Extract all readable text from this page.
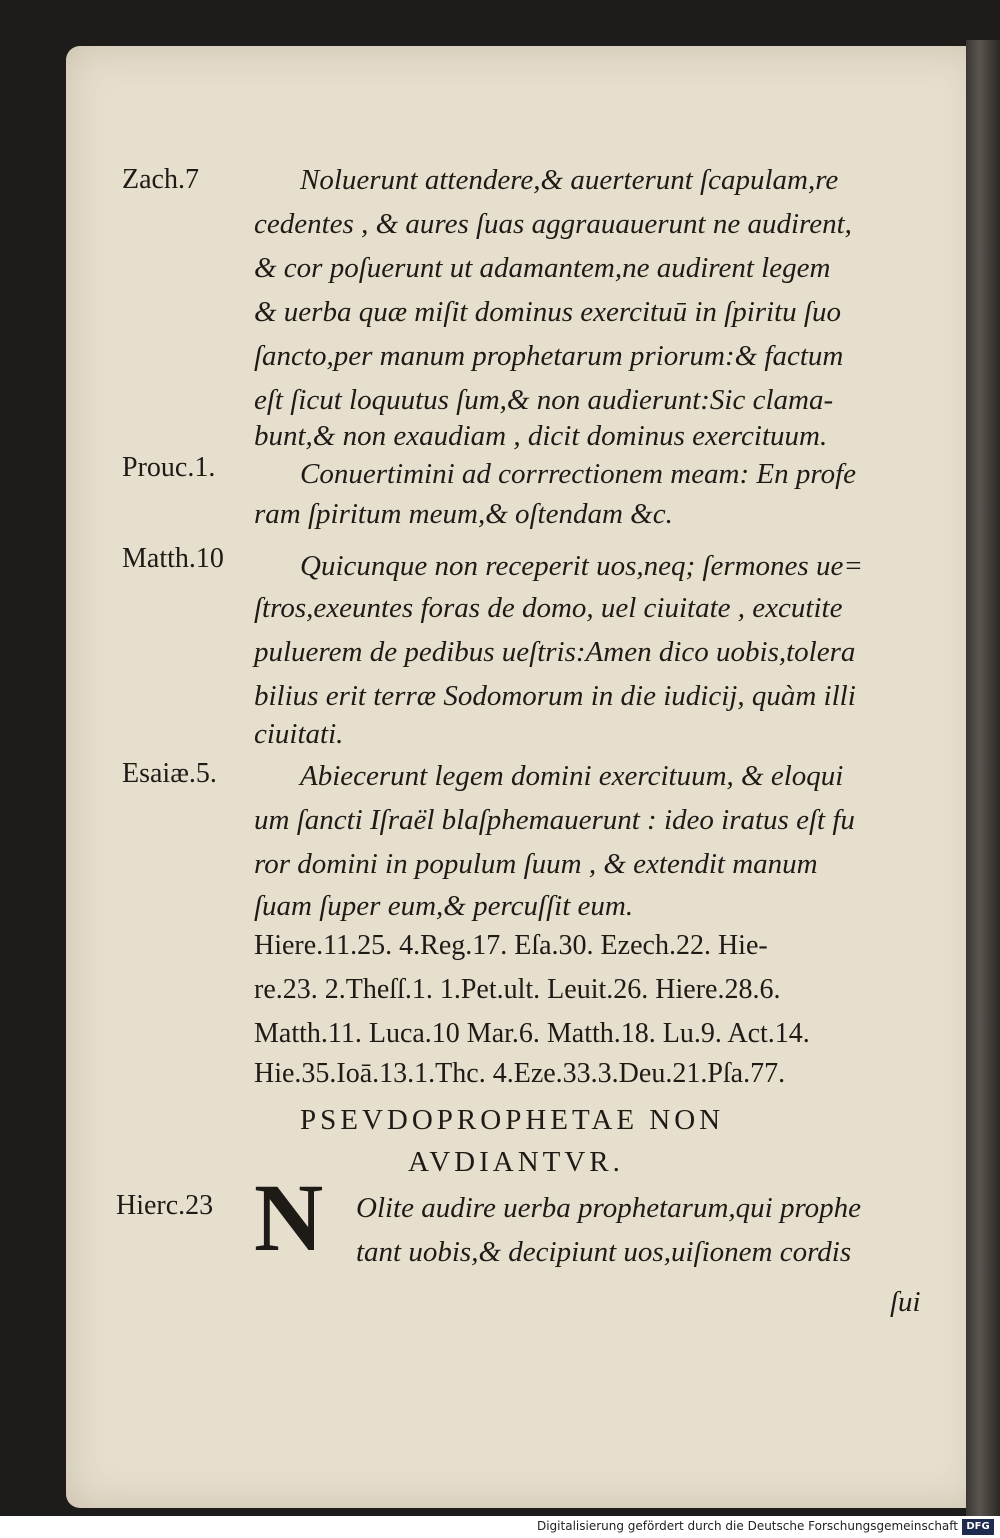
Zach.7
Prouc.1.
Matth.10
Esaiæ.5.
Hierc.23
Noluerunt attendere,& auerterunt ſcapulam,re
cedentes , & aures ſuas aggrauauerunt ne audirent,
& cor poſuerunt ut adamantem,ne audirent legem
& uerba quæ miſit dominus exercituū in ſpiritu ſuo
ſancto,per manum prophetarum priorum:& factum
eſt ſicut loquutus ſum,& non audierunt:Sic clama-
bunt,& non exaudiam , dicit dominus exercituum.
Conuertimini ad corrrectionem meam: En profe
ram ſpiritum meum,& oſtendam &c.
Quicunque non receperit uos,neq; ſermones ue=
ſtros,exeuntes foras de domo, uel ciuitate , excutite
puluerem de pedibus ueſtris:Amen dico uobis,tolera
bilius erit terræ Sodomorum in die iudicij, quàm illi
ciuitati.
Abiecerunt legem domini exercituum, & eloqui
um ſancti Iſraël blaſphemauerunt : ideo iratus eſt fu
ror domini in populum ſuum , & extendit manum
ſuam ſuper eum,& percuſſit eum.
Hiere.11.25. 4.Reg.17. Eſa.30. Ezech.22. Hie-
re.23. 2.Theſſ.1. 1.Pet.ult. Leuit.26. Hiere.28.6.
Matth.11. Luca.10 Mar.6. Matth.18. Lu.9. Act.14.
Hie.35.Ioā.13.1.Thc. 4.Eze.33.3.Deu.21.Pſa.77.
PSEVDOPROPHETAE NON
AVDIANTVR.
N Olite audire uerba prophetarum,qui prophe
tant uobis,& decipiunt uos,uiſionem cordis
ſui
Digitalisierung gefördert durch die Deutsche Forschungsgemeinschaft DFG
